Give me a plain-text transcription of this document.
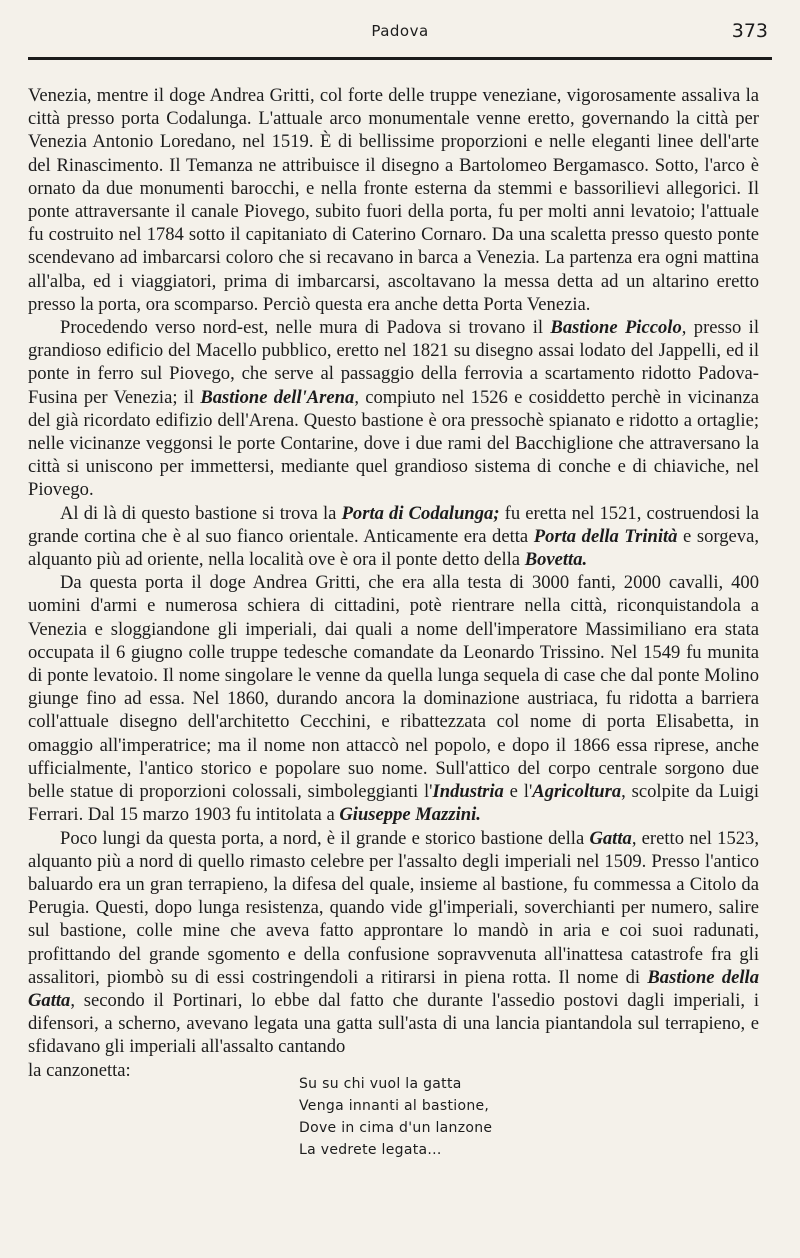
Padova	373

Venezia, mentre il doge Andrea Gritti, col forte delle truppe veneziane, vigorosamente assaliva la città presso porta Codalunga. L'attuale arco monumentale venne eretto, governando la città per Venezia Antonio Loredano, nel 1519. È di bellissime proporzioni e nelle eleganti linee dell'arte del Rinascimento. Il Temanza ne attribuisce il disegno a Bartolomeo Bergamasco. Sotto, l'arco è ornato da due monumenti barocchi, e nella fronte esterna da stemmi e bassorilievi allegorici. Il ponte attraversante il canale Piovego, subito fuori della porta, fu per molti anni levatoio; l'attuale fu costruito nel 1784 sotto il capitaniato di Caterino Cornaro. Da una scaletta presso questo ponte scendevano ad imbarcarsi coloro che si recavano in barca a Venezia. La partenza era ogni mattina all'alba, ed i viaggiatori, prima di imbarcarsi, ascoltavano la messa detta ad un altarino eretto presso la porta, ora scomparso. Perciò questa era anche detta Porta Venezia.

Procedendo verso nord-est, nelle mura di Padova si trovano il Bastione Piccolo, presso il grandioso edificio del Macello pubblico, eretto nel 1821 su disegno assai lodato del Jappelli, ed il ponte in ferro sul Piovego, che serve al passaggio della ferrovia a scartamento ridotto Padova-Fusina per Venezia; il Bastione dell'Arena, compiuto nel 1526 e cosiddetto perchè in vicinanza del già ricordato edifizio dell'Arena. Questo bastione è ora pressochè spianato e ridotto a ortaglie; nelle vicinanze veggonsi le porte Contarine, dove i due rami del Bacchiglione che attraversano la città si uniscono per immettersi, mediante quel grandioso sistema di conche e di chiaviche, nel Piovego.

Al di là di questo bastione si trova la Porta di Codalunga; fu eretta nel 1521, costruendosi la grande cortina che è al suo fianco orientale. Anticamente era detta Porta della Trinità e sorgeva, alquanto più ad oriente, nella località ove è ora il ponte detto della Bovetta.

Da questa porta il doge Andrea Gritti, che era alla testa di 3000 fanti, 2000 cavalli, 400 uomini d'armi e numerosa schiera di cittadini, potè rientrare nella città, riconquistandola a Venezia e sloggiandone gli imperiali, dai quali a nome dell'imperatore Massimiliano era stata occupata il 6 giugno colle truppe tedesche comandate da Leonardo Trissino. Nel 1549 fu munita di ponte levatoio. Il nome singolare le venne da quella lunga sequela di case che dal ponte Molino giunge fino ad essa. Nel 1860, durando ancora la dominazione austriaca, fu ridotta a barriera coll'attuale disegno dell'architetto Cecchini, e ribattezzata col nome di porta Elisabetta, in omaggio all'imperatrice; ma il nome non attaccò nel popolo, e dopo il 1866 essa riprese, anche ufficialmente, l'antico storico e popolare suo nome. Sull'attico del corpo centrale sorgono due belle statue di proporzioni colossali, simboleggianti l'Industria e l'Agricoltura, scolpite da Luigi Ferrari. Dal 15 marzo 1903 fu intitolata a Giuseppe Mazzini.

Poco lungi da questa porta, a nord, è il grande e storico bastione della Gatta, eretto nel 1523, alquanto più a nord di quello rimasto celebre per l'assalto degli imperiali nel 1509. Presso l'antico baluardo era un gran terrapieno, la difesa del quale, insieme al bastione, fu commessa a Citolo da Perugia. Questi, dopo lunga resistenza, quando vide gl'imperiali, soverchianti per numero, salire sul bastione, colle mine che aveva fatto approntare lo mandò in aria e coi suoi radunati, profittando del grande sgomento e della confusione sopravvenuta all'inattesa catastrofe fra gli assalitori, piombò su di essi costringendoli a ritirarsi in piena rotta. Il nome di Bastione della Gatta, secondo il Portinari, lo ebbe dal fatto che durante l'assedio postovi dagli imperiali, i difensori, a scherno, avevano legata una gatta sull'asta di una lancia piantandola sul terrapieno, e sfidavano gli imperiali all'assalto cantando

la canzonetta:
Su su chi vuol la gatta
Venga innanti al bastione,
Dove in cima d'un lanzone
La vedrete legata...
